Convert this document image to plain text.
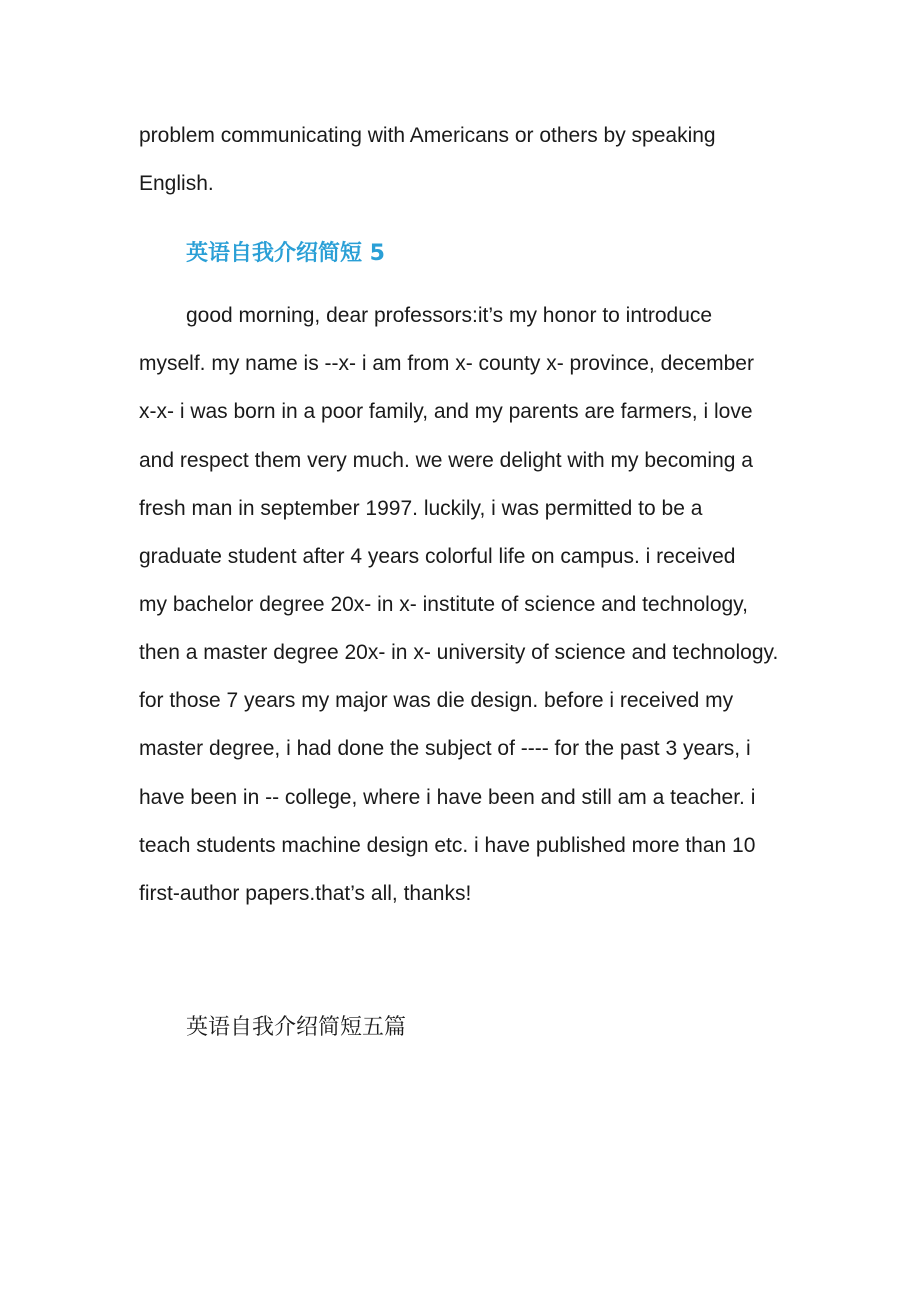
problem communicating with Americans or others by speaking
English.
英语自我介绍简短 5
good morning, dear professors:it’s my honor to introduce
myself. my name is --x- i am from x- county x- province, december
x-x- i was born in a poor family, and my parents are farmers, i love
and respect them very much. we were delight with my becoming a
fresh man in september 1997. luckily, i was permitted to be a
graduate student after 4 years colorful life on campus. i received
my bachelor degree 20x- in x- institute of science and technology,
then a master degree 20x- in x- university of science and technology.
for those 7 years my major was die design. before i received my
master degree, i had done the subject of ---- for the past 3 years, i
have been in -- college, where i have been and still am a teacher. i
teach students machine design etc. i have published more than 10
first-author papers.that’s all, thanks!
英语自我介绍简短五篇
